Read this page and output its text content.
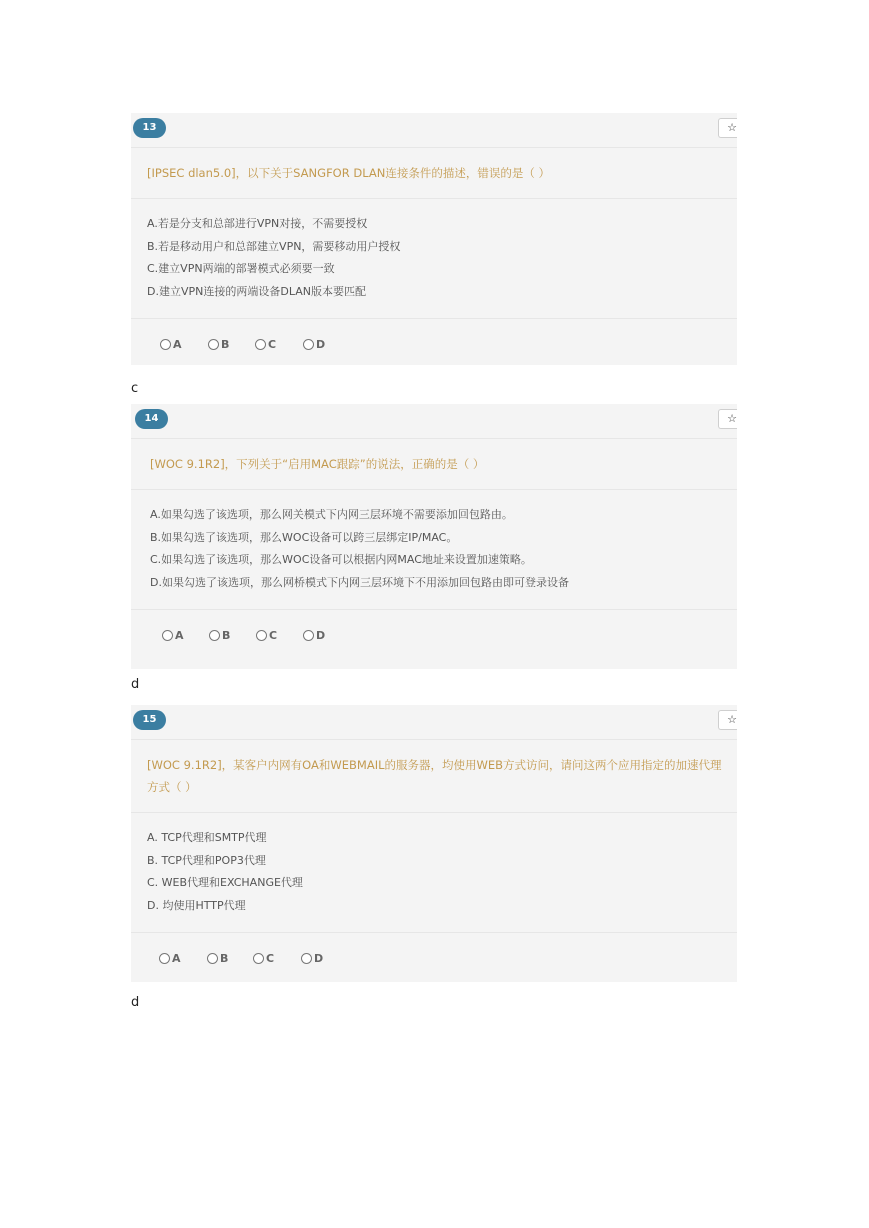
13	☆
[IPSEC dlan5.0]，以下关于SANGFOR DLAN连接条件的描述，错误的是（ ）
A.若是分支和总部进行VPN对接，不需要授权
B.若是移动用户和总部建立VPN，需要移动用户授权
C.建立VPN两端的部署模式必须要一致
D.建立VPN连接的两端设备DLAN版本要匹配
A	B	C	D
c
14	☆
[WOC 9.1R2]，下列关于“启用MAC跟踪”的说法，正确的是（ ）
A.如果勾选了该选项，那么网关模式下内网三层环境不需要添加回包路由。
B.如果勾选了该选项，那么WOC设备可以跨三层绑定IP/MAC。
C.如果勾选了该选项，那么WOC设备可以根据内网MAC地址来设置加速策略。
D.如果勾选了该选项，那么网桥模式下内网三层环境下不用添加回包路由即可登录设备
A	B	C	D
d
15	☆
[WOC 9.1R2]，某客户内网有OA和WEBMAIL的服务器，均使用WEB方式访问，请问这两个应用指定的加速代理方式（ ）
A. TCP代理和SMTP代理
B. TCP代理和POP3代理
C. WEB代理和EXCHANGE代理
D. 均使用HTTP代理
A	B	C	D
d
